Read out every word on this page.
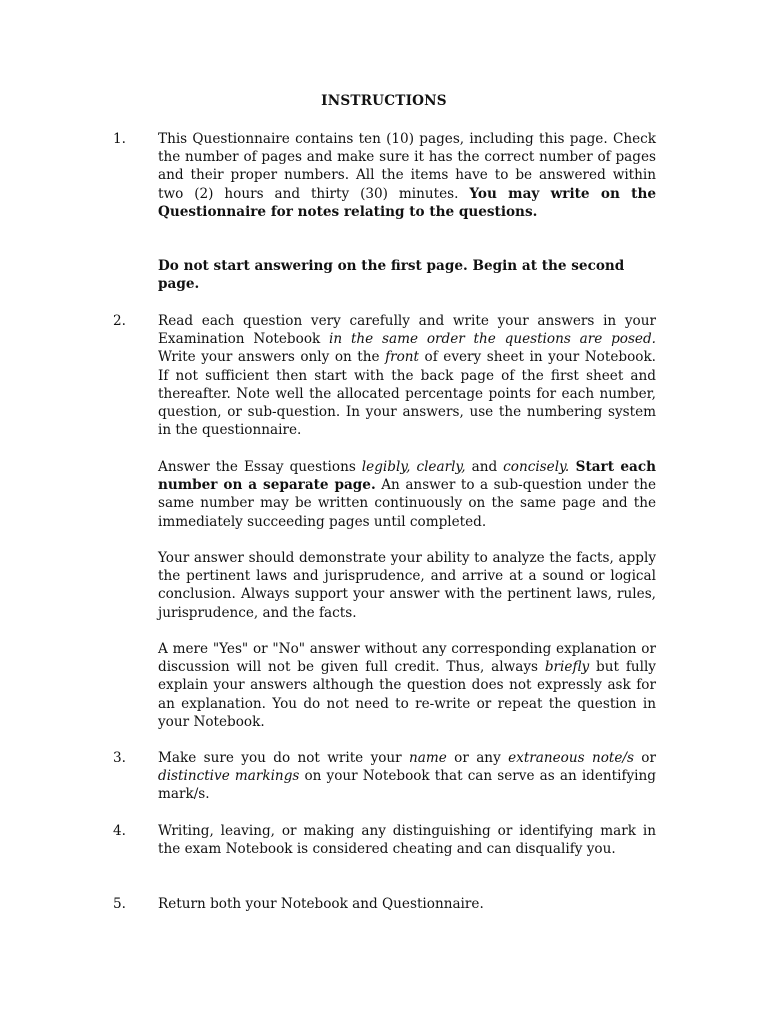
INSTRUCTIONS
1. This Questionnaire contains ten (10) pages, including this page. Check the number of pages and make sure it has the correct number of pages and their proper numbers. All the items have to be answered within two (2) hours and thirty (30) minutes. You may write on the Questionnaire for notes relating to the questions.

Do not start answering on the first page. Begin at the second page.

2. Read each question very carefully and write your answers in your Examination Notebook in the same order the questions are posed. Write your answers only on the front of every sheet in your Notebook. If not sufficient then start with the back page of the first sheet and thereafter. Note well the allocated percentage points for each number, question, or sub-question. In your answers, use the numbering system in the questionnaire.

Answer the Essay questions legibly, clearly, and concisely. Start each number on a separate page. An answer to a sub-question under the same number may be written continuously on the same page and the immediately succeeding pages until completed.

Your answer should demonstrate your ability to analyze the facts, apply the pertinent laws and jurisprudence, and arrive at a sound or logical conclusion. Always support your answer with the pertinent laws, rules, jurisprudence, and the facts.

A mere "Yes" or "No" answer without any corresponding explanation or discussion will not be given full credit. Thus, always briefly but fully explain your answers although the question does not expressly ask for an explanation. You do not need to re-write or repeat the question in your Notebook.

3. Make sure you do not write your name or any extraneous note/s or distinctive markings on your Notebook that can serve as an identifying mark/s.

4. Writing, leaving, or making any distinguishing or identifying mark in the exam Notebook is considered cheating and can disqualify you.

5. Return both your Notebook and Questionnaire.
